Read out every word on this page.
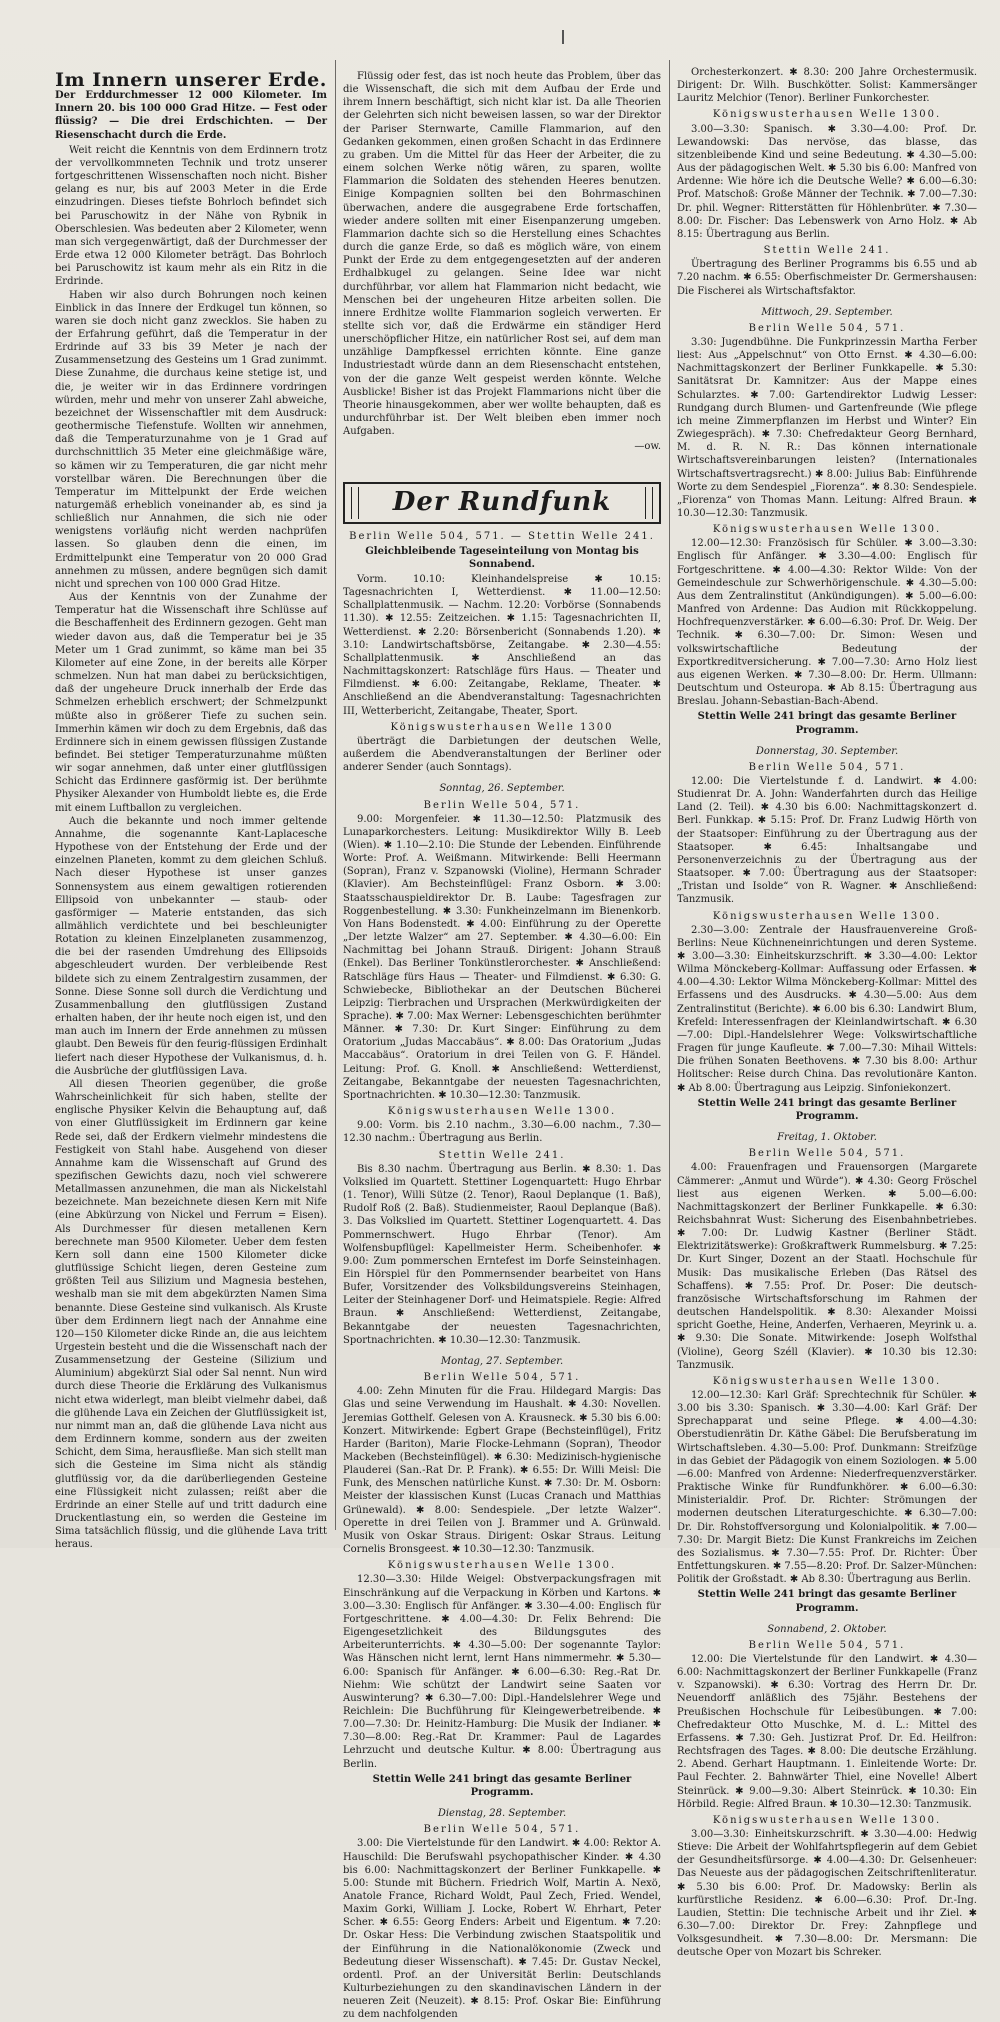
Im Innern unserer Erde.

Der Erddurchmesser 12 000 Kilometer. Im Innern 20. bis 100 000 Grad Hitze. — Fest oder flüssig? — Die drei Erdschichten. — Der Riesenschacht durch die Erde.

Weit reicht die Kenntnis von dem Erdinnern trotz der vervollkommneten Technik und trotz unserer fortgeschrittenen Wissenschaften noch nicht. Bisher gelang es nur, bis auf 2003 Meter in die Erde einzudringen. Dieses tiefste Bohrloch befindet sich bei Paruschowitz in der Nähe von Rybnik in Oberschlesien. Was bedeuten aber 2 Kilometer, wenn man sich vergegenwärtigt, daß der Durchmesser der Erde etwa 12 000 Kilometer beträgt. Das Bohrloch bei Paruschowitz ist kaum mehr als ein Ritz in die Erdrinde.

Haben wir also durch Bohrungen noch keinen Einblick in das Innere der Erdkugel tun können, so waren sie doch nicht ganz zwecklos. Sie haben zu der Erfahrung geführt, daß die Temperatur in der Erdrinde auf 33 bis 39 Meter je nach der Zusammensetzung des Gesteins um 1 Grad zunimmt. Diese Zunahme, die durchaus keine stetige ist, und die, je weiter wir in das Erdinnere vordringen würden, mehr und mehr von unserer Zahl abweiche, bezeichnet der Wissenschaftler mit dem Ausdruck: geothermische Tiefenstufe. Wollten wir annehmen, daß die Temperaturzunahme von je 1 Grad auf durchschnittlich 35 Meter eine gleichmäßige wäre, so kämen wir zu Temperaturen, die gar nicht mehr vorstellbar wären. Die Berechnungen über die Temperatur im Mittelpunkt der Erde weichen naturgemäß erheblich voneinander ab, es sind ja schließlich nur Annahmen, die sich nie oder wenigstens vorläufig nicht werden nachprüfen lassen. So glauben denn die einen, im Erdmittelpunkt eine Temperatur von 20 000 Grad annehmen zu müssen, andere begnügen sich damit nicht und sprechen von 100 000 Grad Hitze.

Aus der Kenntnis von der Zunahme der Temperatur hat die Wissenschaft ihre Schlüsse auf die Beschaffenheit des Erdinnern gezogen. Geht man wieder davon aus, daß die Temperatur bei je 35 Meter um 1 Grad zunimmt, so käme man bei 35 Kilometer auf eine Zone, in der bereits alle Körper schmelzen. Nun hat man dabei zu berücksichtigen, daß der ungeheure Druck innerhalb der Erde das Schmelzen erheblich erschwert; der Schmelzpunkt müßte also in größerer Tiefe zu suchen sein. Immerhin kämen wir doch zu dem Ergebnis, daß das Erdinnere sich in einem gewissen flüssigen Zustande befindet. Bei stetiger Temperaturzunahme müßten wir sogar annehmen, daß unter einer glutflüssigen Schicht das Erdinnere gasförmig ist. Der berühmte Physiker Alexander von Humboldt liebte es, die Erde mit einem Luftballon zu vergleichen.

Auch die bekannte und noch immer geltende Annahme, die sogenannte Kant-Laplacesche Hypothese von der Entstehung der Erde und der einzelnen Planeten, kommt zu dem gleichen Schluß. Nach dieser Hypothese ist unser ganzes Sonnensystem aus einem gewaltigen rotierenden Ellipsoid von unbekannter — staub- oder gasförmiger — Materie entstanden, das sich allmählich verdichtete und bei beschleunigter Rotation zu kleinen Einzelplaneten zusammenzog, die bei der rasenden Umdrehung des Ellipsoids abgeschleudert wurden. Der verbleibende Rest bildete sich zu einem Zentralgestirn zusammen, der Sonne. Diese Sonne soll durch die Verdichtung und Zusammenballung den glutflüssigen Zustand erhalten haben, der ihr heute noch eigen ist, und den man auch im Innern der Erde annehmen zu müssen glaubt. Den Beweis für den feurig-flüssigen Erdinhalt liefert nach dieser Hypothese der Vulkanismus, d. h. die Ausbrüche der glutflüssigen Lava.

All diesen Theorien gegenüber, die große Wahrscheinlichkeit für sich haben, stellte der englische Physiker Kelvin die Behauptung auf, daß von einer Glutflüssigkeit im Erdinnern gar keine Rede sei, daß der Erdkern vielmehr mindestens die Festigkeit von Stahl habe. Ausgehend von dieser Annahme kam die Wissenschaft auf Grund des spezifischen Gewichts dazu, noch viel schwerere Metallmassen anzunehmen, die man als Nickelstahl bezeichnete. Man bezeichnete diesen Kern mit Nife (eine Abkürzung von Nickel und Ferrum = Eisen). Als Durchmesser für diesen metallenen Kern berechnete man 9500 Kilometer. Ueber dem festen Kern soll dann eine 1500 Kilometer dicke glutflüssige Schicht liegen, deren Gesteine zum größten Teil aus Silizium und Magnesia bestehen, weshalb man sie mit dem abgekürzten Namen Sima benannte. Diese Gesteine sind vulkanisch. Als Kruste über dem Erdinnern liegt nach der Annahme eine 120—150 Kilometer dicke Rinde an, die aus leichtem Urgestein besteht und die die Wissenschaft nach der Zusammensetzung der Gesteine (Silizium und Aluminium) abgekürzt Sial oder Sal nennt. Nun wird durch diese Theorie die Erklärung des Vulkanismus nicht etwa widerlegt, man bleibt vielmehr dabei, daß die glühende Lava ein Zeichen der Glutflüssigkeit ist, nur nimmt man an, daß die glühende Lava nicht aus dem Erdinnern komme, sondern aus der zweiten Schicht, dem Sima, herausfließe. Man sich stellt man sich die Gesteine im Sima nicht als ständig glutflüssig vor, da die darüberliegenden Gesteine eine Flüssigkeit nicht zulassen; reißt aber die Erdrinde an einer Stelle auf und tritt dadurch eine Druckentlastung ein, so werden die Gesteine im Sima tatsächlich flüssig, und die glühende Lava tritt heraus.

Flüssig oder fest, das ist noch heute das Problem, über das die Wissenschaft, die sich mit dem Aufbau der Erde und ihrem Innern beschäftigt, sich nicht klar ist. Da alle Theorien der Gelehrten sich nicht beweisen lassen, so war der Direktor der Pariser Sternwarte, Camille Flammarion, auf den Gedanken gekommen, einen großen Schacht in das Erdinnere zu graben. Um die Mittel für das Heer der Arbeiter, die zu einem solchen Werke nötig wären, zu sparen, wollte Flammarion die Soldaten des stehenden Heeres benutzen. Einige Kompagnien sollten bei den Bohrmaschinen überwachen, andere die ausgegrabene Erde fortschaffen, wieder andere sollten mit einer Eisenpanzerung umgeben. Flammarion dachte sich so die Herstellung eines Schachtes durch die ganze Erde, so daß es möglich wäre, von einem Punkt der Erde zu dem entgegengesetzten auf der anderen Erdhalbkugel zu gelangen. Seine Idee war nicht durchführbar, vor allem hat Flammarion nicht bedacht, wie Menschen bei der ungeheuren Hitze arbeiten sollen. Die innere Erdhitze wollte Flammarion sogleich verwerten. Er stellte sich vor, daß die Erdwärme ein ständiger Herd unerschöpflicher Hitze, ein natürlicher Rost sei, auf dem man unzählige Dampfkessel errichten könnte. Eine ganze Industriestadt würde dann an dem Riesenschacht entstehen, von der die ganze Welt gespeist werden könnte. Welche Ausblicke! Bisher ist das Projekt Flammarions nicht über die Theorie hinausgekommen, aber wer wollte behaupten, daß es undurchführbar ist. Der Welt bleiben eben immer noch Aufgaben.

—ow.

Der Rundfunk

Berlin Welle 504, 571. — Stettin Welle 241.

Gleichbleibende Tageseinteilung von Montag bis Sonnabend.

Vorm. 10.10: Kleinhandelspreise ✱ 10.15: Tagesnachrichten I, Wetterdienst. ✱ 11.00—12.50: Schallplattenmusik. — Nachm. 12.20: Vorbörse (Sonnabends 11.30). ✱ 12.55: Zeitzeichen. ✱ 1.15: Tagesnachrichten II, Wetterdienst. ✱ 2.20: Börsenbericht (Sonnabends 1.20). ✱ 3.10: Landwirtschaftsbörse, Zeitangabe. ✱ 2.30—4.55: Schallplattenmusik. ✱ Anschließend an das Nachmittagskonzert: Ratschläge fürs Haus. — Theater und Filmdienst. ✱ 6.00: Zeitangabe, Reklame, Theater. ✱ Anschließend an die Abendveranstaltung: Tagesnachrichten III, Wetterbericht, Zeitangabe, Theater, Sport.

Königswusterhausen Welle 1300

überträgt die Darbietungen der deutschen Welle, außerdem die Abendveranstaltungen der Berliner oder anderer Sender (auch Sonntags).

Sonntag, 26. September.

Berlin Welle 504, 571.

9.00: Morgenfeier. ✱ 11.30—12.50: Platzmusik des Lunaparkorchesters. Leitung: Musikdirektor Willy B. Leeb (Wien). ✱ 1.10—2.10: Die Stunde der Lebenden. Einführende Worte: Prof. A. Weißmann. Mitwirkende: Belli Heermann (Sopran), Franz v. Szpanowski (Violine), Hermann Schrader (Klavier). Am Bechsteinflügel: Franz Osborn. ✱ 3.00: Staatsschauspieldirektor Dr. B. Laube: Tagesfragen zur Roggenbestellung. ✱ 3.30: Funkheinzelmann im Bienenkorb. Von Hans Bodenstedt. ✱ 4.00: Einführung zu der Operette „Der letzte Walzer“ am 27. September. ✱ 4.30—6.00: Ein Nachmittag bei Johann Strauß. Dirigent: Johann Strauß (Enkel). Das Berliner Tonkünstlerorchester. ✱ Anschließend: Ratschläge fürs Haus — Theater- und Filmdienst. ✱ 6.30: G. Schwiebecke, Bibliothekar an der Deutschen Bücherei Leipzig: Tierbrachen und Ursprachen (Merkwürdigkeiten der Sprache). ✱ 7.00: Max Werner: Lebensgeschichten berühmter Männer. ✱ 7.30: Dr. Kurt Singer: Einführung zu dem Oratorium „Judas Maccabäus“. ✱ 8.00: Das Oratorium „Judas Maccabäus“. Oratorium in drei Teilen von G. F. Händel. Leitung: Prof. G. Knoll. ✱ Anschließend: Wetterdienst, Zeitangabe, Bekanntgabe der neuesten Tagesnachrichten, Sportnachrichten. ✱ 10.30—12.30: Tanzmusik.

Königswusterhausen Welle 1300.

9.00: Vorm. bis 2.10 nachm., 3.30—6.00 nachm., 7.30—12.30 nachm.: Übertragung aus Berlin.

Stettin Welle 241.

Bis 8.30 nachm. Übertragung aus Berlin. ✱ 8.30: 1. Das Volkslied im Quartett. Stettiner Logenquartett: Hugo Ehrbar (1. Tenor), Willi Sütze (2. Tenor), Raoul Deplanque (1. Baß), Rudolf Roß (2. Baß). Studienmeister, Raoul Deplanque (Baß). 3. Das Volkslied im Quartett. Stettiner Logenquartett. 4. Das Pommernschwert. Hugo Ehrbar (Tenor). Am Wolfensbupflügel: Kapellmeister Herm. Scheibenhofer. ✱ 9.00: Zum pommerschen Erntefest im Dorfe Seinsteinhagen. Ein Hörspiel für den Pommernsender bearbeitet von Hans Bufer, Vorsitzender des Volksbildungsvereins Steinhagen, Leiter der Steinhagener Dorf- und Heimatspiele. Regie: Alfred Braun. ✱ Anschließend: Wetterdienst, Zeitangabe, Bekanntgabe der neuesten Tagesnachrichten, Sportnachrichten. ✱ 10.30—12.30: Tanzmusik.

Montag, 27. September.

Berlin Welle 504, 571.

4.00: Zehn Minuten für die Frau. Hildegard Margis: Das Glas und seine Verwendung im Haushalt. ✱ 4.30: Novellen. Jeremias Gotthelf. Gelesen von A. Krausneck. ✱ 5.30 bis 6.00: Konzert. Mitwirkende: Egbert Grape (Bechsteinflügel), Fritz Harder (Bariton), Marie Flocke-Lehmann (Sopran), Theodor Mackeben (Bechsteinflügel). ✱ 6.30: Medizinisch-hygienische Plauderei (San.-Rat Dr. P. Frank). ✱ 6.55: Dr. Willi Meisl: Die Funk, des Menschen natürliche Kunst. ✱ 7.30: Dr. M. Osborn: Meister der klassischen Kunst (Lucas Cranach und Matthias Grünewald). ✱ 8.00: Sendespiele. „Der letzte Walzer“. Operette in drei Teilen von J. Brammer und A. Grünwald. Musik von Oskar Straus. Dirigent: Oskar Straus. Leitung Cornelis Bronsgeest. ✱ 10.30—12.30: Tanzmusik.

Königswusterhausen Welle 1300.

12.30—3.30: Hilde Weigel: Obstverpackungsfragen mit Einschränkung auf die Verpackung in Körben und Kartons. ✱ 3.00—3.30: Englisch für Anfänger. ✱ 3.30—4.00: Englisch für Fortgeschrittene. ✱ 4.00—4.30: Dr. Felix Behrend: Die Eigengesetzlichkeit des Bildungsgutes des Arbeiterunterrichts. ✱ 4.30—5.00: Der sogenannte Taylor: Was Hänschen nicht lernt, lernt Hans nimmermehr. ✱ 5.30—6.00: Spanisch für Anfänger. ✱ 6.00—6.30: Reg.-Rat Dr. Niehm: Wie schützt der Landwirt seine Saaten vor Auswinterung? ✱ 6.30—7.00: Dipl.-Handelslehrer Wege und Reichlein: Die Buchführung für Kleingewerbetreibende. ✱ 7.00—7.30: Dr. Heinitz-Hamburg: Die Musik der Indianer. ✱ 7.30—8.00: Reg.-Rat Dr. Krammer: Paul de Lagardes Lehrzucht und deutsche Kultur. ✱ 8.00: Übertragung aus Berlin.

Stettin Welle 241 bringt das gesamte Berliner Programm.

Dienstag, 28. September.

Berlin Welle 504, 571.

3.00: Die Viertelstunde für den Landwirt. ✱ 4.00: Rektor A. Hauschild: Die Berufswahl psychopathischer Kinder. ✱ 4.30 bis 6.00: Nachmittagskonzert der Berliner Funkkapelle. ✱ 5.00: Stunde mit Büchern. Friedrich Wolf, Martin A. Nexö, Anatole France, Richard Woldt, Paul Zech, Fried. Wendel, Maxim Gorki, William J. Locke, Robert W. Ehrhart, Peter Scher. ✱ 6.55: Georg Enders: Arbeit und Eigentum. ✱ 7.20: Dr. Oskar Hess: Die Verbindung zwischen Staatspolitik und der Einführung in die Nationalökonomie (Zweck und Bedeutung dieser Wissenschaft). ✱ 7.45: Dr. Gustav Neckel, ordentl. Prof. an der Universität Berlin: Deutschlands Kulturbeziehungen zu den skandinavischen Ländern in der neueren Zeit (Neuzeit). ✱ 8.15: Prof. Oskar Bie: Einführung zu dem nachfolgenden

Orchesterkonzert. ✱ 8.30: 200 Jahre Orchestermusik. Dirigent: Dr. Wilh. Buschkötter. Solist: Kammersänger Lauritz Melchior (Tenor). Berliner Funkorchester.

Königswusterhausen Welle 1300.

3.00—3.30: Spanisch. ✱ 3.30—4.00: Prof. Dr. Lewandowski: Das nervöse, das blasse, das sitzenbleibende Kind und seine Bedeutung. ✱ 4.30—5.00: Aus der pädagogischen Welt. ✱ 5.30 bis 6.00: Manfred von Ardenne: Wie höre ich die Deutsche Welle? ✱ 6.00—6.30: Prof. Matschoß: Große Männer der Technik. ✱ 7.00—7.30: Dr. phil. Wegner: Ritterstätten für Höhlenbrüter. ✱ 7.30—8.00: Dr. Fischer: Das Lebenswerk von Arno Holz. ✱ Ab 8.15: Übertragung aus Berlin.

Stettin Welle 241.

Übertragung des Berliner Programms bis 6.55 und ab 7.20 nachm. ✱ 6.55: Oberfischmeister Dr. Germershausen: Die Fischerei als Wirtschaftsfaktor.

Mittwoch, 29. September.

Berlin Welle 504, 571.

3.30: Jugendbühne. Die Funkprinzessin Martha Ferber liest: Aus „Appelschnut“ von Otto Ernst. ✱ 4.30—6.00: Nachmittagskonzert der Berliner Funkkapelle. ✱ 5.30: Sanitätsrat Dr. Kamnitzer: Aus der Mappe eines Schularztes. ✱ 7.00: Gartendirektor Ludwig Lesser: Rundgang durch Blumen- und Gartenfreunde (Wie pflege ich meine Zimmerpflanzen im Herbst und Winter? Ein Zwiegespräch). ✱ 7.30: Chefredakteur Georg Bernhard, M. d. R. N. R.: Das können internationale Wirtschaftsvereinbarungen leisten? (Internationales Wirtschaftsvertragsrecht.) ✱ 8.00: Julius Bab: Einführende Worte zu dem Sendespiel „Fiorenza“. ✱ 8.30: Sendespiele. „Fiorenza“ von Thomas Mann. Leitung: Alfred Braun. ✱ 10.30—12.30: Tanzmusik.

Königswusterhausen Welle 1300.

12.00—12.30: Französisch für Schüler. ✱ 3.00—3.30: Englisch für Anfänger. ✱ 3.30—4.00: Englisch für Fortgeschrittene. ✱ 4.00—4.30: Rektor Wilde: Von der Gemeindeschule zur Schwerhörigenschule. ✱ 4.30—5.00: Aus dem Zentralinstitut (Ankündigungen). ✱ 5.00—6.00: Manfred von Ardenne: Das Audion mit Rückkoppelung. Hochfrequenzverstärker. ✱ 6.00—6.30: Prof. Dr. Weig. Der Technik. ✱ 6.30—7.00: Dr. Simon: Wesen und volkswirtschaftliche Bedeutung der Exportkreditversicherung. ✱ 7.00—7.30: Arno Holz liest aus eigenen Werken. ✱ 7.30—8.00: Dr. Herm. Ullmann: Deutschtum und Osteuropa. ✱ Ab 8.15: Übertragung aus Breslau. Johann-Sebastian-Bach-Abend.

Stettin Welle 241 bringt das gesamte Berliner Programm.

Donnerstag, 30. September.

Berlin Welle 504, 571.

12.00: Die Viertelstunde f. d. Landwirt. ✱ 4.00: Studienrat Dr. A. John: Wanderfahrten durch das Heilige Land (2. Teil). ✱ 4.30 bis 6.00: Nachmittagskonzert d. Berl. Funkkap. ✱ 5.15: Prof. Dr. Franz Ludwig Hörth von der Staatsoper: Einführung zu der Übertragung aus der Staatsoper. ✱ 6.45: Inhaltsangabe und Personenverzeichnis zu der Übertragung aus der Staatsoper. ✱ 7.00: Übertragung aus der Staatsoper: „Tristan und Isolde“ von R. Wagner. ✱ Anschließend: Tanzmusik.

Königswusterhausen Welle 1300.

2.30—3.00: Zentrale der Hausfrauenvereine Groß-Berlins: Neue Küchneneinrichtungen und deren Systeme. ✱ 3.00—3.30: Einheitskurzschrift. ✱ 3.30—4.00: Lektor Wilma Mönckeberg-Kollmar: Auffassung oder Erfassen. ✱ 4.00—4.30: Lektor Wilma Mönckeberg-Kollmar: Mittel des Erfassens und des Ausdrucks. ✱ 4.30—5.00: Aus dem Zentralinstitut (Berichte). ✱ 6.00 bis 6.30: Landwirt Blum, Krefeld: Interessenfragen der Kleinlandwirtschaft. ✱ 6.30—7.00: Dipl.-Handelslehrer Wege: Volkswirtschaftliche Fragen für junge Kaufleute. ✱ 7.00—7.30: Mihail Wittels: Die frühen Sonaten Beethovens. ✱ 7.30 bis 8.00: Arthur Holitscher: Reise durch China. Das revolutionäre Kanton. ✱ Ab 8.00: Übertragung aus Leipzig. Sinfoniekonzert.

Stettin Welle 241 bringt das gesamte Berliner Programm.

Freitag, 1. Oktober.

Berlin Welle 504, 571.

4.00: Frauenfragen und Frauensorgen (Margarete Cämmerer: „Anmut und Würde“). ✱ 4.30: Georg Fröschel liest aus eigenen Werken. ✱ 5.00—6.00: Nachmittagskonzert der Berliner Funkkapelle. ✱ 6.30: Reichsbahnrat Wust: Sicherung des Eisenbahnbetriebes. ✱ 7.00: Dr. Ludwig Kastner (Berliner Städt. Elektrizitätswerke): Großkraftwerk Rummelsburg. ✱ 7.25: Dr. Kurt Singer, Dozent an der Staatl. Hochschule für Musik: Das musikalische Erleben (Das Rätsel des Schaffens). ✱ 7.55: Prof. Dr. Poser: Die deutsch-französische Wirtschaftsforschung im Rahmen der deutschen Handelspolitik. ✱ 8.30: Alexander Moissi spricht Goethe, Heine, Anderfen, Verhaeren, Meyrink u. a. ✱ 9.30: Die Sonate. Mitwirkende: Joseph Wolfsthal (Violine), Georg Széll (Klavier). ✱ 10.30 bis 12.30: Tanzmusik.

Königswusterhausen Welle 1300.

12.00—12.30: Karl Gräf: Sprechtechnik für Schüler. ✱ 3.00 bis 3.30: Spanisch. ✱ 3.30—4.00: Karl Gräf: Der Sprechapparat und seine Pflege. ✱ 4.00—4.30: Oberstudienrätin Dr. Käthe Gäbel: Die Berufsberatung im Wirtschaftsleben. 4.30—5.00: Prof. Dunkmann: Streifzüge in das Gebiet der Pädagogik von einem Soziologen. ✱ 5.00—6.00: Manfred von Ardenne: Niederfrequenzverstärker. Praktische Winke für Rundfunkhörer. ✱ 6.00—6.30: Ministerialdir. Prof. Dr. Richter: Strömungen der modernen deutschen Literaturgeschichte. ✱ 6.30—7.00: Dr. Dir. Rohstoffversorgung und Kolonialpolitik. ✱ 7.00—7.30: Dr. Margit Bietz: Die Kunst Frankreichs im Zeichen des Sozialismus. ✱ 7.30—7.55: Prof. Dr. Richter: Über Entfettungskuren. ✱ 7.55—8.20: Prof. Dr. Salzer-München: Politik der Großstadt. ✱ Ab 8.30: Übertragung aus Berlin.

Stettin Welle 241 bringt das gesamte Berliner Programm.

Sonnabend, 2. Oktober.

Berlin Welle 504, 571.

12.00: Die Viertelstunde für den Landwirt. ✱ 4.30—6.00: Nachmittagskonzert der Berliner Funkkapelle (Franz v. Szpanowski). ✱ 6.30: Vortrag des Herrn Dr. Dr. Neuendorff anläßlich des 75jähr. Bestehens der Preußischen Hochschule für Leibesübungen. ✱ 7.00: Chefredakteur Otto Muschke, M. d. L.: Mittel des Erfassens. ✱ 7.30: Geh. Justizrat Prof. Dr. Ed. Heilfron: Rechtsfragen des Tages. ✱ 8.00: Die deutsche Erzählung. 2. Abend. Gerhart Hauptmann. 1. Einleitende Worte: Dr. Paul Fechter. 2. Bahnwärter Thiel, eine Novelle! Albert Steinrück. ✱ 9.00—9.30: Albert Steinrück. ✱ 10.30: Ein Hörbild. Regie: Alfred Braun. ✱ 10.30—12.30: Tanzmusik.

Königswusterhausen Welle 1300.

3.00—3.30: Einheitskurzschrift. ✱ 3.30—4.00: Hedwig Stieve: Die Arbeit der Wohlfahrtspflegerin auf dem Gebiet der Gesundheitsfürsorge. ✱ 4.00—4.30: Dr. Gelsenheuer: Das Neueste aus der pädagogischen Zeitschriftenliteratur. ✱ 5.30 bis 6.00: Prof. Dr. Madowsky: Berlin als kurfürstliche Residenz. ✱ 6.00—6.30: Prof. Dr.-Ing. Laudien, Stettin: Die technische Arbeit und ihr Ziel. ✱ 6.30—7.00: Direktor Dr. Frey: Zahnpflege und Volksgesundheit. ✱ 7.30—8.00: Dr. Mersmann: Die deutsche Oper von Mozart bis Schreker.
